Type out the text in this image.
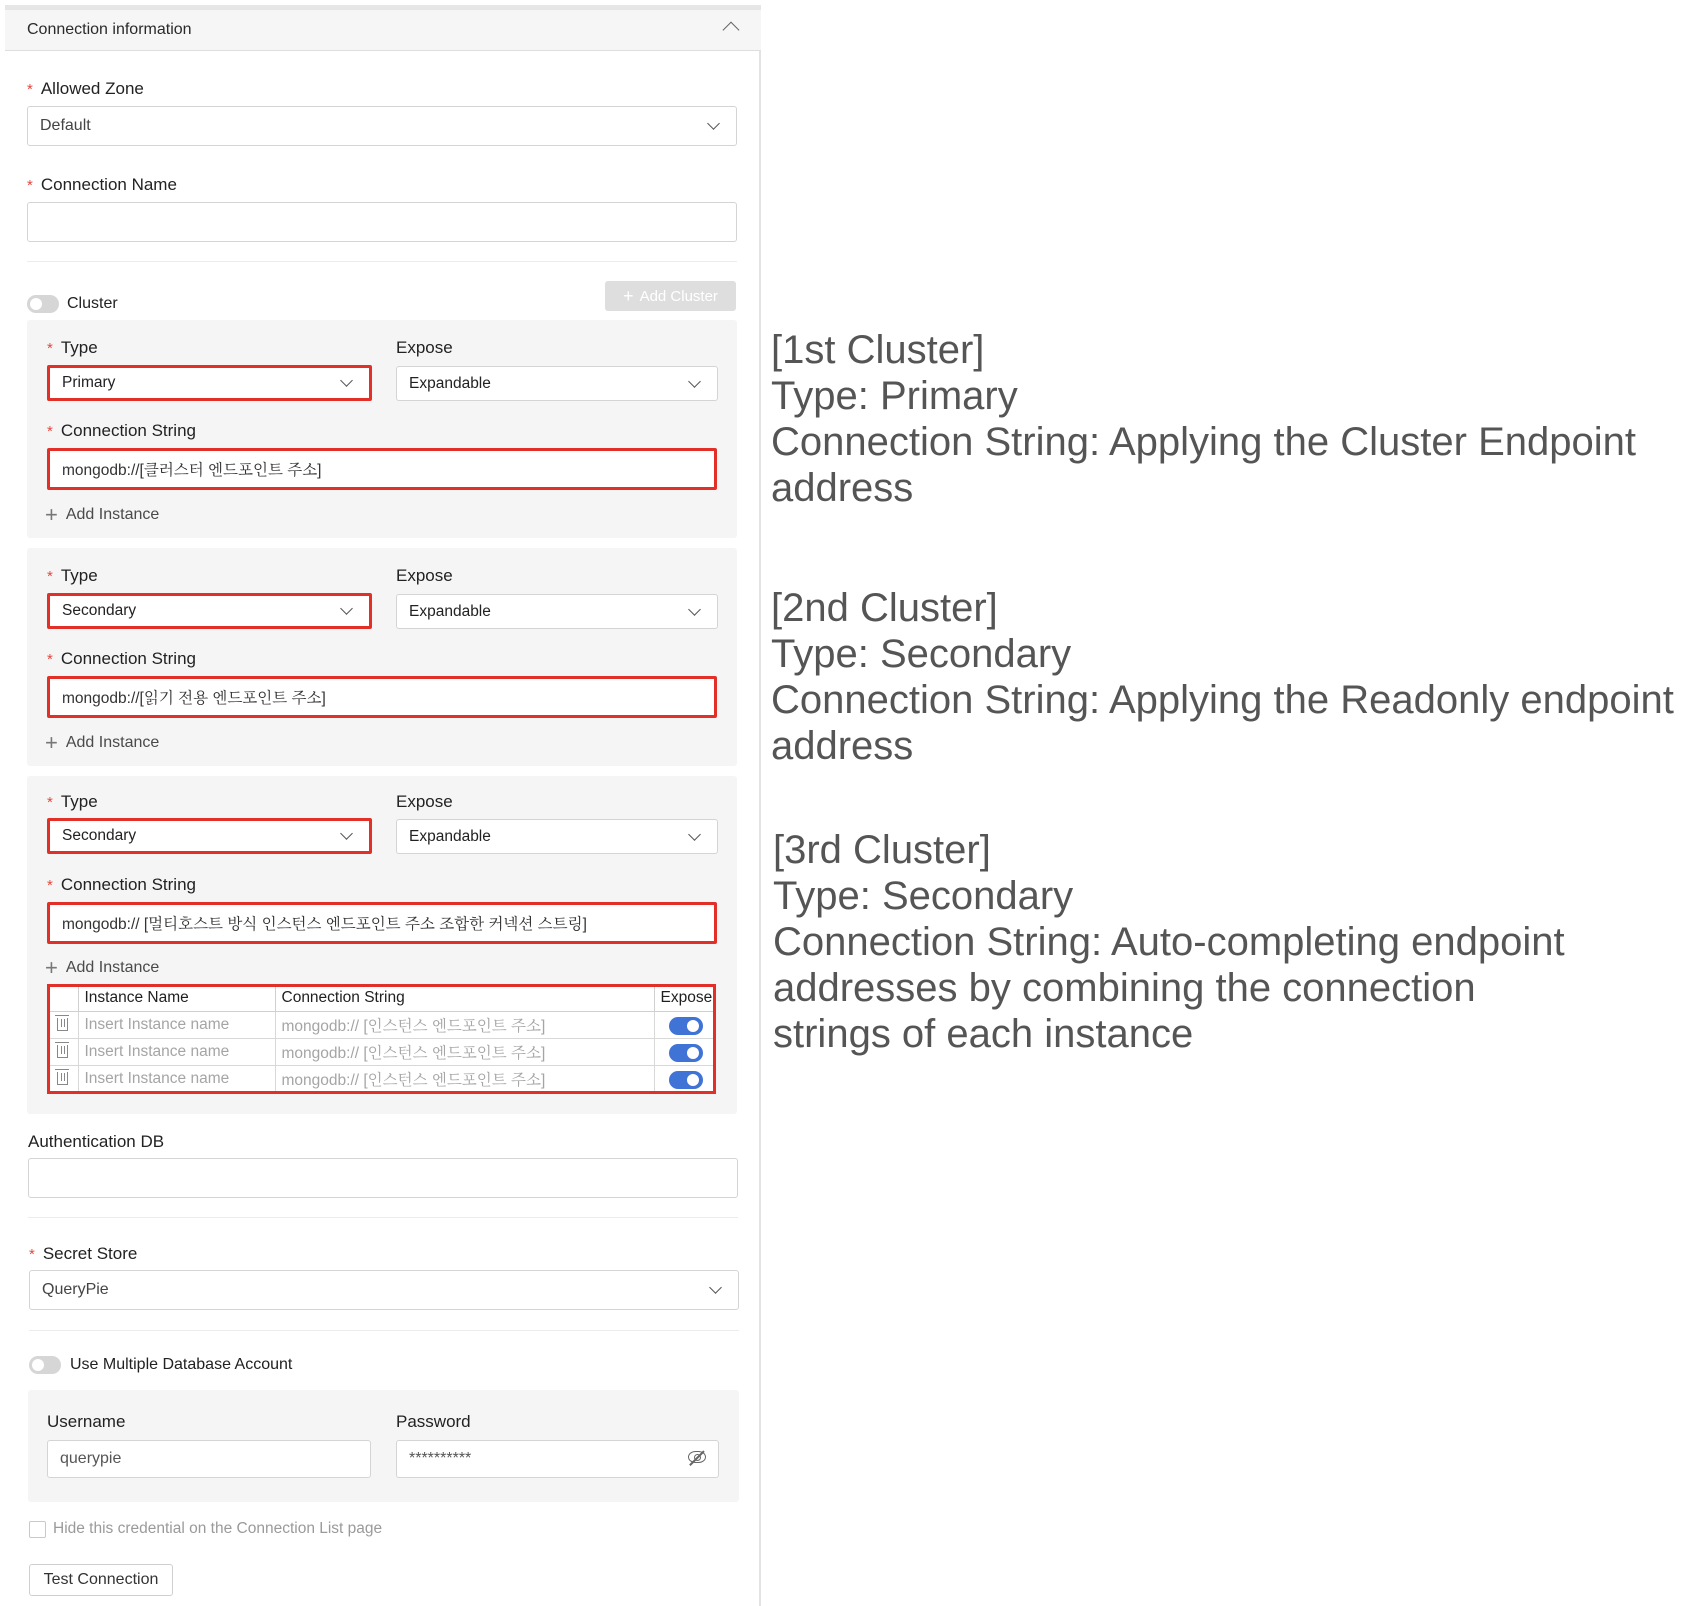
Connection information
* Allowed Zone
Default
* Connection Name
Cluster	+ Add Cluster
* Type	Expose
Primary	Expandable
* Connection String
mongodb://[클러스터 엔드포인트 주소]
+ Add Instance
* Type	Expose
Secondary	Expandable
* Connection String
mongodb://[읽기 전용 엔드포인트 주소]
+ Add Instance
* Type	Expose
Secondary	Expandable
* Connection String
mongodb:// [멀티호스트 방식 인스턴스 엔드포인트 주소 조합한 커넥션 스트링]
+ Add Instance
	Instance Name	Connection String	Expose
	Insert Instance name	mongodb:// [인스턴스 엔드포인트 주소]	

	Insert Instance name	mongodb:// [인스턴스 엔드포인트 주소]	

	Insert Instance name	mongodb:// [인스턴스 엔드포인트 주소]	
Authentication DB
* Secret Store
QueryPie
Use Multiple Database Account
Username
querypie
Password
**********
Hide this credential on the Connection List page
Test Connection
[1st Cluster]
Type: Primary
Connection String: Applying the Cluster Endpoint
address
[2nd Cluster]
Type: Secondary
Connection String: Applying the Readonly endpoint
address
[3rd Cluster]
Type: Secondary
Connection String: Auto-completing endpoint
addresses by combining the connection
strings of each instance
